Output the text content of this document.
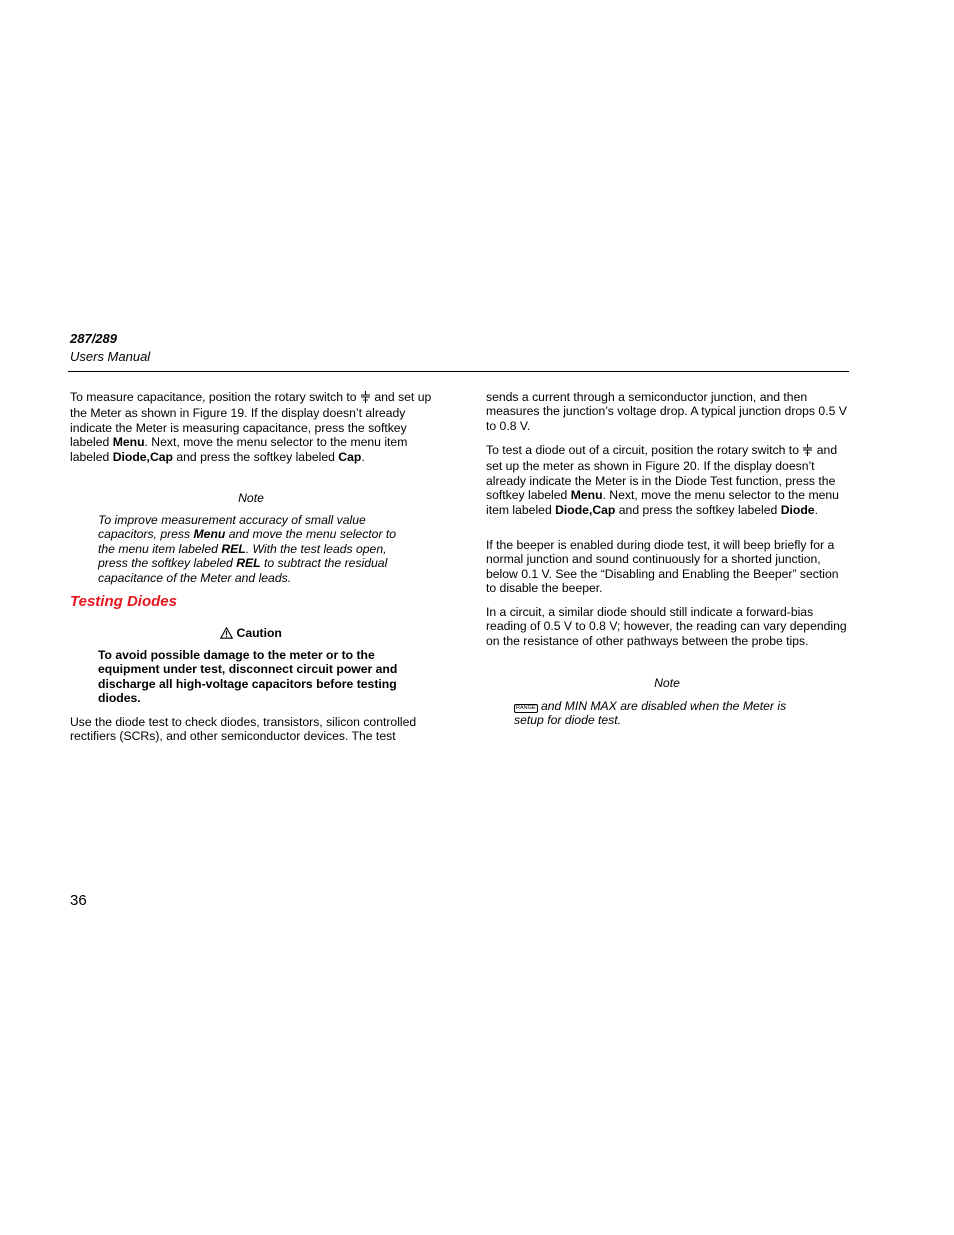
287/289
Users Manual

To measure capacitance, position the rotary switch to and set up the Meter as shown in Figure 19. If the display doesn’t already indicate the Meter is measuring capacitance, press the softkey labeled Menu. Next, move the menu selector to the menu item labeled Diode,Cap and press the softkey labeled Cap.

Note

To improve measurement accuracy of small value capacitors, press Menu and move the menu selector to the menu item labeled REL. With the test leads open, press the softkey labeled REL to subtract the residual capacitance of the Meter and leads.

Testing Diodes
Caution

To avoid possible damage to the meter or to the equipment under test, disconnect circuit power and discharge all high-voltage capacitors before testing diodes.

Use the diode test to check diodes, transistors, silicon controlled rectifiers (SCRs), and other semiconductor devices. The test

sends a current through a semiconductor junction, and then measures the junction’s voltage drop. A typical junction drops 0.5 V to 0.8 V.

To test a diode out of a circuit, position the rotary switch to and set up the meter as shown in Figure 20. If the display doesn’t already indicate the Meter is in the Diode Test function, press the softkey labeled Menu. Next, move the menu selector to the menu item labeled Diode,Cap and press the softkey labeled Diode.

If the beeper is enabled during diode test, it will beep briefly for a normal junction and sound continuously for a shorted junction, below 0.1 V. See the “Disabling and Enabling the Beeper” section to disable the beeper.

In a circuit, a similar diode should still indicate a forward-bias reading of 0.5 V to 0.8 V; however, the reading can vary depending on the resistance of other pathways between the probe tips.

Note

RANGE and MIN MAX are disabled when the Meter is setup for diode test.

36
